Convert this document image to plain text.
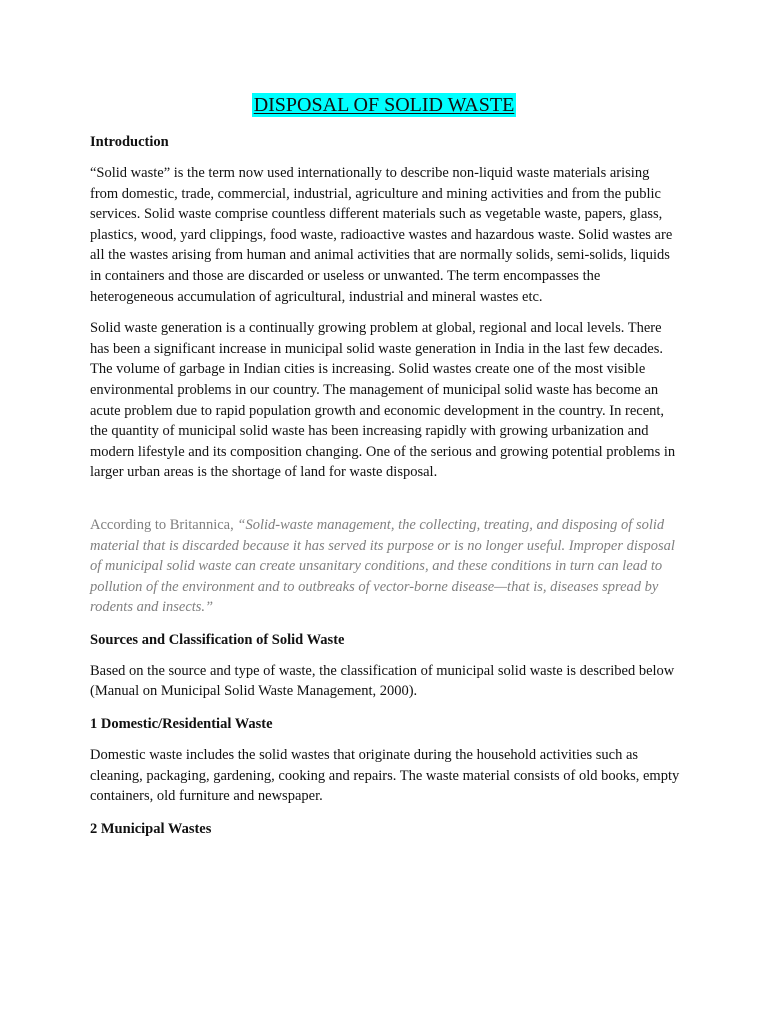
DISPOSAL OF SOLID WASTE
Introduction

“Solid waste” is the term now used internationally to describe non-liquid waste materials arising from domestic, trade, commercial, industrial, agriculture and mining activities and from the public services. Solid waste comprise countless different materials such as vegetable waste, papers, glass, plastics, wood, yard clippings, food waste, radioactive wastes and hazardous waste. Solid wastes are all the wastes arising from human and animal activities that are normally solids, semi-solids, liquids in containers and those are discarded or useless or unwanted. The term encompasses the heterogeneous accumulation of agricultural, industrial and mineral wastes etc.

Solid waste generation is a continually growing problem at global, regional and local levels. There has been a significant increase in municipal solid waste generation in India in the last few decades. The volume of garbage in Indian cities is increasing. Solid wastes create one of the most visible environmental problems in our country. The management of municipal solid waste has become an acute problem due to rapid population growth and economic development in the country. In recent, the quantity of municipal solid waste has been increasing rapidly with growing urbanization and modern lifestyle and its composition changing. One of the serious and growing potential problems in larger urban areas is the shortage of land for waste disposal.

According to Britannica, “Solid-waste management, the collecting, treating, and disposing of solid material that is discarded because it has served its purpose or is no longer useful. Improper disposal of municipal solid waste can create unsanitary conditions, and these conditions in turn can lead to pollution of the environment and to outbreaks of vector-borne disease—that is, diseases spread by rodents and insects.”

Sources and Classification of Solid Waste

Based on the source and type of waste, the classification of municipal solid waste is described below (Manual on Municipal Solid Waste Management, 2000).

1 Domestic/Residential Waste

Domestic waste includes the solid wastes that originate during the household activities such as cleaning, packaging, gardening, cooking and repairs. The waste material consists of old books, empty containers, old furniture and newspaper.

2 Municipal Wastes
